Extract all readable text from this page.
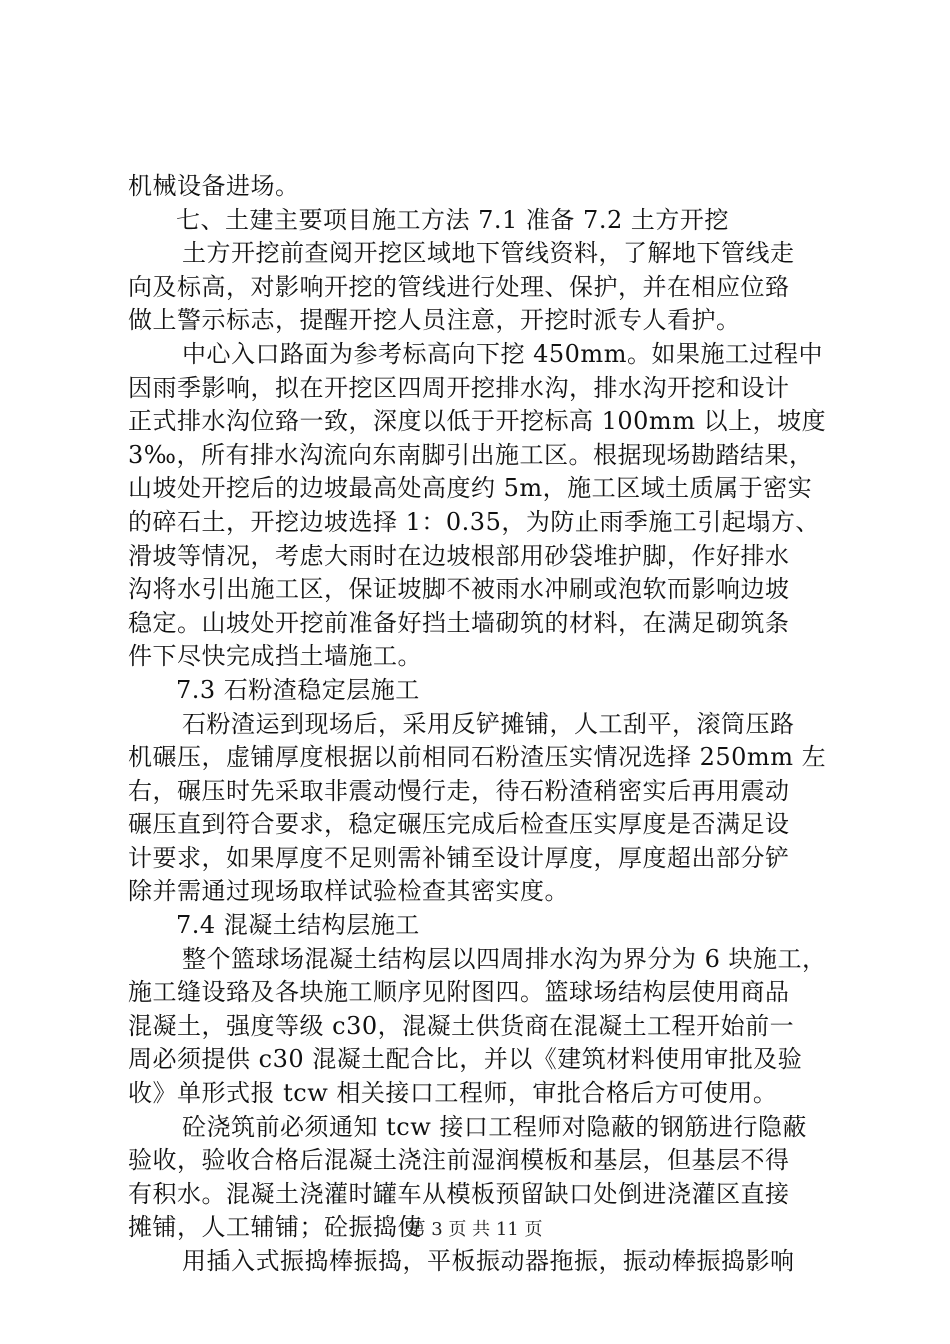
机械设备进场。
七、土建主要项目施工方法 7.1 准备 7.2 土方开挖
土方开挖前查阅开挖区域地下管线资料，了解地下管线走
向及标高，对影响开挖的管线进行处理、保护，并在相应位臵
做上警示标志，提醒开挖人员注意，开挖时派专人看护。
中心入口路面为参考标高向下挖 450mm。如果施工过程中
因雨季影响，拟在开挖区四周开挖排水沟，排水沟开挖和设计
正式排水沟位臵一致，深度以低于开挖标高 100mm 以上，坡度
3‰，所有排水沟流向东南脚引出施工区。根据现场勘踏结果，
山坡处开挖后的边坡最高处高度约 5m，施工区域土质属于密实
的碎石土，开挖边坡选择 1：0.35，为防止雨季施工引起塌方、
滑坡等情况，考虑大雨时在边坡根部用砂袋堆护脚，作好排水
沟将水引出施工区，保证坡脚不被雨水冲刷或泡软而影响边坡
稳定。山坡处开挖前准备好挡土墙砌筑的材料，在满足砌筑条
件下尽快完成挡土墙施工。
7.3 石粉渣稳定层施工
石粉渣运到现场后，采用反铲摊铺，人工刮平，滚筒压路
机碾压，虚铺厚度根据以前相同石粉渣压实情况选择 250mm 左
右，碾压时先采取非震动慢行走，待石粉渣稍密实后再用震动
碾压直到符合要求，稳定碾压完成后检查压实厚度是否满足设
计要求，如果厚度不足则需补铺至设计厚度，厚度超出部分铲
除并需通过现场取样试验检查其密实度。
7.4 混凝土结构层施工
整个篮球场混凝土结构层以四周排水沟为界分为 6 块施工，
施工缝设臵及各块施工顺序见附图四。篮球场结构层使用商品
混凝土，强度等级 c30，混凝土供货商在混凝土工程开始前一
周必须提供 c30 混凝土配合比，并以《建筑材料使用审批及验
收》单形式报 tcw 相关接口工程师，审批合格后方可使用。
砼浇筑前必须通知 tcw 接口工程师对隐蔽的钢筋进行隐蔽
验收，验收合格后混凝土浇注前湿润模板和基层，但基层不得
有积水。混凝土浇灌时罐车从模板预留缺口处倒进浇灌区直接
摊铺，人工辅铺；砼振捣使
用插入式振捣棒振捣，平板振动器拖振，振动棒振捣影响
第 3 页 共 11 页
